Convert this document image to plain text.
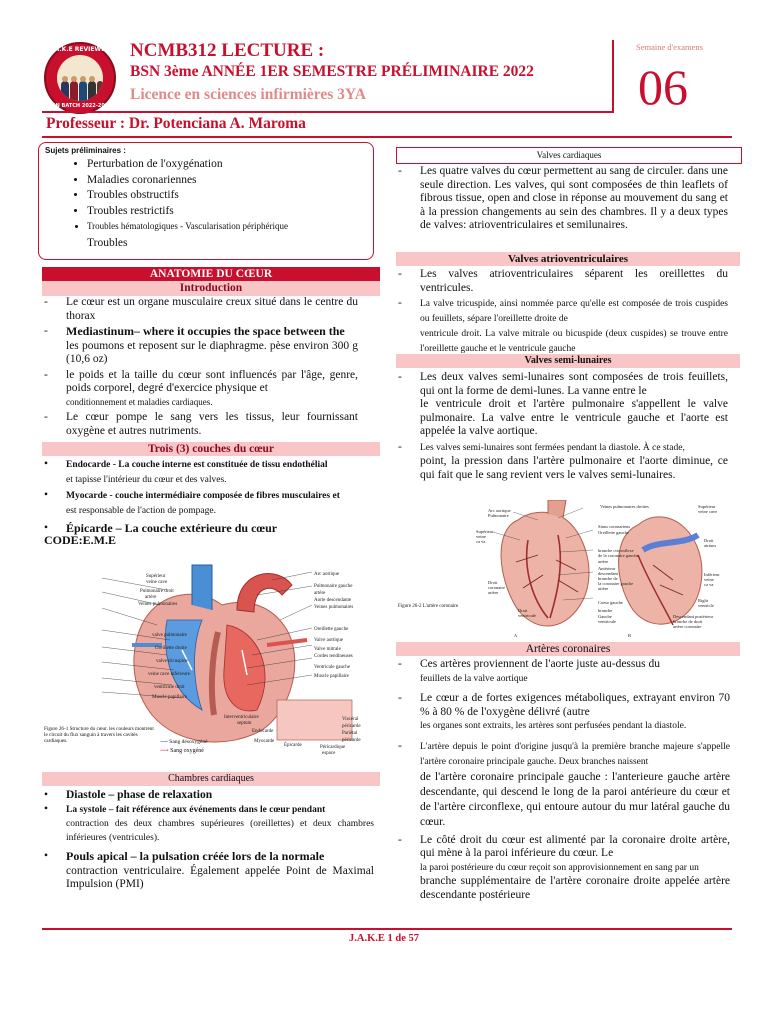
J.A.K.E REVIEWER
BSN BATCH 2022-2023
NCMB312 LECTURE :
BSN 3ème ANNÉE 1ER SEMESTRE PRÉLIMINAIRE 2022
Licence en sciences infirmières 3YA
Semaine d'examens
06
Professeur : Dr. Potenciana A. Maroma
Sujets préliminaires :
• Perturbation de l'oxygénation
• Maladies coronariennes
• Troubles obstructifs
• Troubles restrictifs
• Troubles hématologiques - Vascularisation périphérique
Troubles
ANATOMIE DU CŒUR
Introduction

- Le cœur est un organe musculaire creux situé dans le centre du thorax

- Mediastinum– where it occupies the space between the
les poumons et reposent sur le diaphragme. pèse environ 300 g (10,6 oz)

- le poids et la taille du cœur sont influencés par l'âge, genre, poids corporel, degré d'exercice physique et
conditionnement et maladies cardiaques.

- Le cœur pompe le sang vers les tissus, leur fournissant oxygène et autres nutriments.

Trois (3) couches du cœur

• Endocarde - La couche interne est constituée de tissu endothélial
et tapisse l'intérieur du cœur et des valves.

• Myocarde - couche intermédiaire composée de fibres musculaires et
est responsable de l'action de pompage.

• Épicarde – La couche extérieure du cœur

CODE:E.M.E
Supérieur
veine cave
Pulmonaire droit
artère
Veines pulmonaires
valve pulmonaire
Oreillette droite
valve tricuspide
veine cave inférieure
ventricule droit
Muscle papillaire
Arc aortique
Pulmonaire gauche
artère
Aorte descendante
Veines pulmonaires
Oreillette gauche
Valve aortique
Valve mitrale
Cordes tendineuses
Ventricule gauche
Muscle papillaire
Interventriculaire
septum
Endocarde
Myocarde
Épicarde
Viscéral
péricarde
Pariétal
péricarde
Péricardique
espace
Figure 26-1 Structure du cœur. les couleurs montrent le circuit du flux sanguin à travers les cavités cardiaques.	⟶ Sang désoxygéné
⟶ Sang oxygéné
Chambres cardiaques

• Diastole – phase de relaxation

• La systole – fait référence aux événements dans le cœur pendant
contraction des deux chambres supérieures (oreillettes) et deux chambres inférieures (ventricules).

• Pouls apical – la pulsation créée lors de la normale
contraction ventriculaire. Également appelée Point de Maximal Impulsion (PMI)

Valves cardiaques

- Les quatre valves du cœur permettent au sang de circuler. dans une seule direction. Les valves, qui sont composées de thin leaflets of fibrous tissue, open and close in réponse au mouvement du sang et à la pression changements au sein des chambres. Il y a deux types de valves: atrioventriculaires et semilunaires.

Valves atrioventriculaires

- Les valves atrioventriculaires séparent les oreillettes du ventricules.

- La valve tricuspide, ainsi nommée parce qu'elle est composée de trois cuspides ou feuillets, sépare l'oreillette droite de
ventricule droit. La valve mitrale ou bicuspide (deux cuspides) se trouve entre l'oreillette gauche et le ventricule gauche

Valves semi-lunaires

- Les deux valves semi-lunaires sont composées de trois feuillets, qui ont la forme de demi-lunes. La vanne entre le
le ventricule droit et l'artère pulmonaire s'appellent le valve pulmonaire. La valve entre le ventricule gauche et l'aorte est appelée la valve aortique.

- Les valves semi-lunaires sont fermées pendant la diastole. À ce stade,
point, la pression dans l'artère pulmonaire et l'aorte diminue, ce qui fait que le sang revient vers le valves semi-lunaires.

Arc aortique
Pulmonaire
Supérieur
veine
ca va
Veines pulmonaires droites
Sinus coronariens
Oreillette gauche
branche circonflexe
de la coronaire gauche
artère
Antérieur
descendant
branche de
la coronaire gauche
artère
Coeur gauche
branche
Gauche
ventricule
Droit
coronaire
artère
Droit
ventricule
Supérieur
veine cave
Droit
atrium
Inférieur
veine
ca va
Right
ventricle
Descendant postérieur
branche de droit
artère coronaire
A	B
Figure 26-2 L'artère coronaire
Artères coronaires

- Ces artères proviennent de l'aorte juste au-dessus du
feuillets de la valve aortique

- Le cœur a de fortes exigences métaboliques, extrayant environ 70 % à 80 % de l'oxygène délivré (autre
les organes sont extraits, les artères sont perfusées pendant la diastole.

- L'artère depuis le point d'origine jusqu'à la première branche majeure s'appelle l'artère coronaire principale gauche. Deux branches naissent
de l'artère coronaire principale gauche : l'anterieure gauche artère descendante, qui descend le long de la paroi antérieure du cœur et de l'artère circonflexe, qui entoure autour du mur latéral gauche du cœur.

- Le côté droit du cœur est alimenté par la coronaire droite artère, qui mène à la paroi inférieure du cœur. Le
la paroi postérieure du cœur reçoit son approvisionnement en sang par un
branche supplémentaire de l'artère coronaire droite appelée artère descendante postérieure

J.A.K.E 1 de 57
